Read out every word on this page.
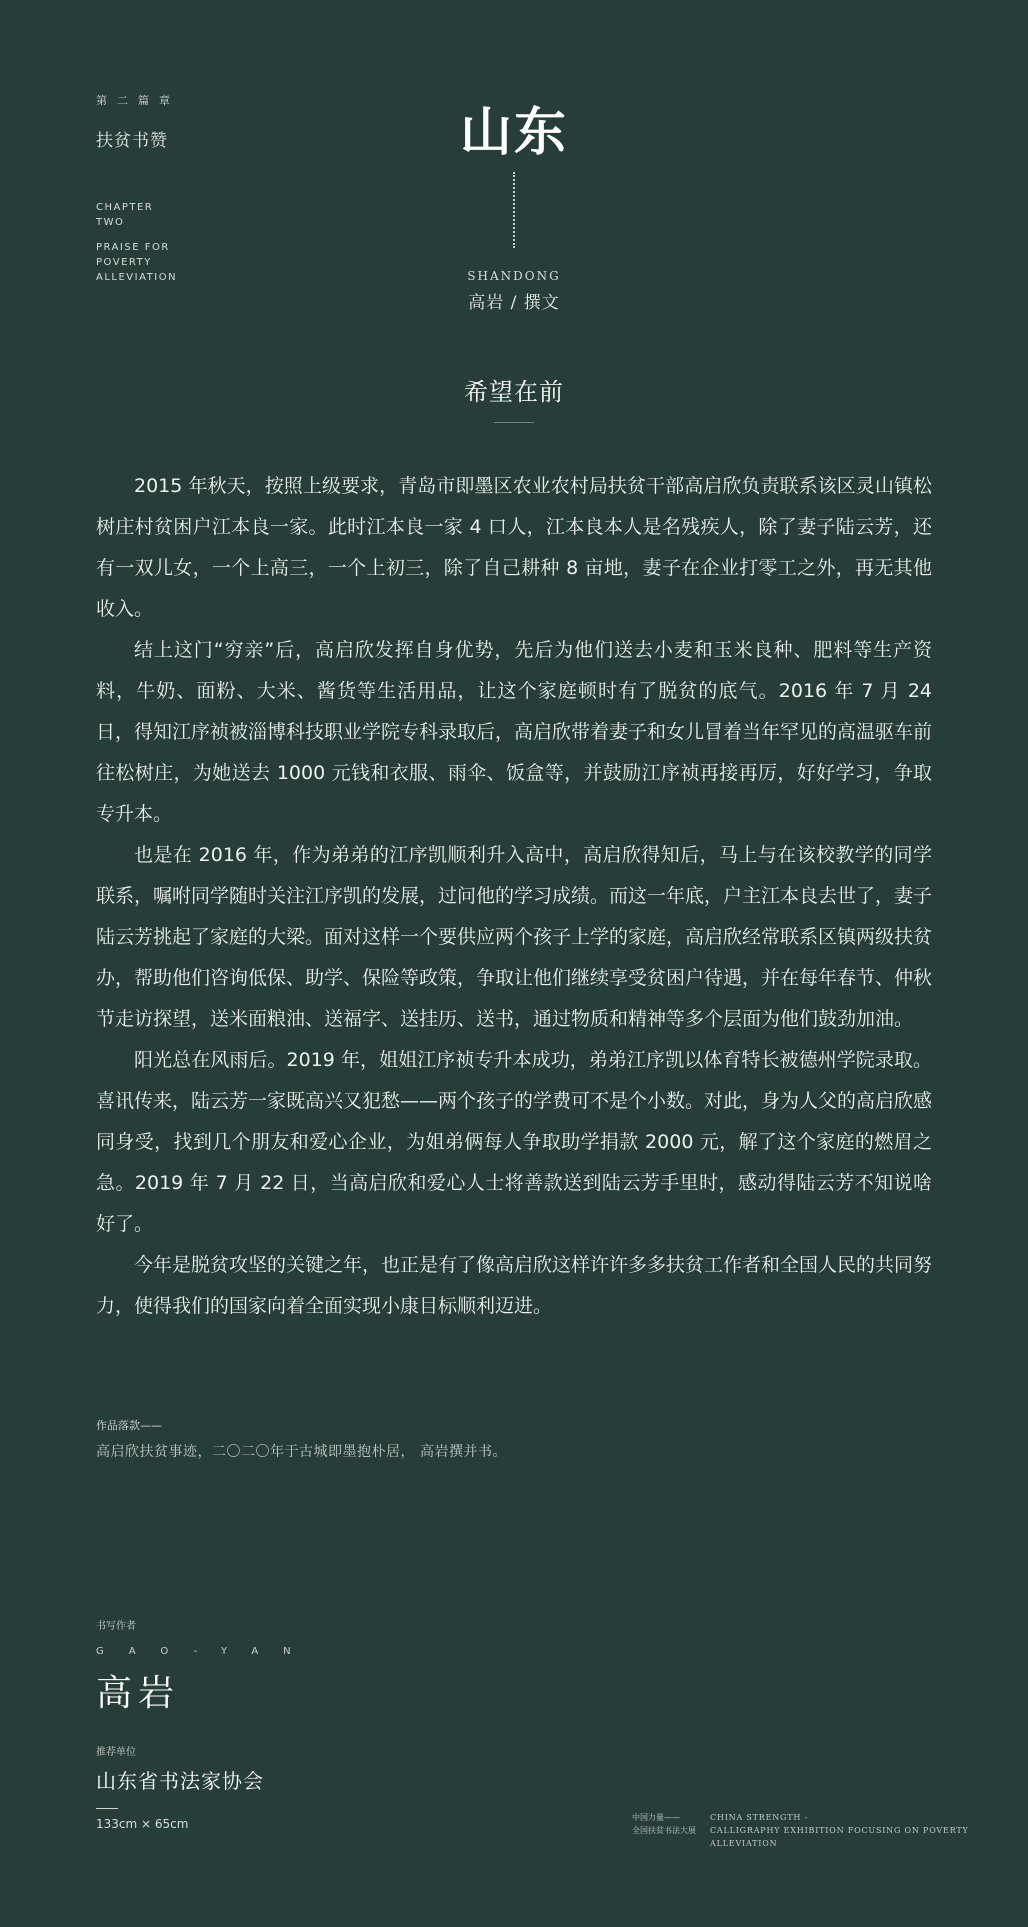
第二篇章
扶贫书赞
CHAPTER
TWO
PRAISE FOR
POVERTY
ALLEVIATION
山东
SHANDONG
高岩 / 撰文
希望在前

2015 年秋天，按照上级要求，青岛市即墨区农业农村局扶贫干部高启欣负责联系该区灵山镇松树庄村贫困户江本良一家。此时江本良一家 4 口人，江本良本人是名残疾人，除了妻子陆云芳，还有一双儿女，一个上高三，一个上初三，除了自己耕种 8 亩地，妻子在企业打零工之外，再无其他收入。

结上这门“穷亲”后，高启欣发挥自身优势，先后为他们送去小麦和玉米良种、肥料等生产资料，牛奶、面粉、大米、酱货等生活用品，让这个家庭顿时有了脱贫的底气。2016 年 7 月 24 日，得知江序祯被淄博科技职业学院专科录取后，高启欣带着妻子和女儿冒着当年罕见的高温驱车前往松树庄，为她送去 1000 元钱和衣服、雨伞、饭盒等，并鼓励江序祯再接再厉，好好学习，争取专升本。

也是在 2016 年，作为弟弟的江序凯顺利升入高中，高启欣得知后，马上与在该校教学的同学联系，嘱咐同学随时关注江序凯的发展，过问他的学习成绩。而这一年底，户主江本良去世了，妻子陆云芳挑起了家庭的大梁。面对这样一个要供应两个孩子上学的家庭，高启欣经常联系区镇两级扶贫办，帮助他们咨询低保、助学、保险等政策，争取让他们继续享受贫困户待遇，并在每年春节、仲秋节走访探望，送米面粮油、送福字、送挂历、送书，通过物质和精神等多个层面为他们鼓劲加油。

阳光总在风雨后。2019 年，姐姐江序祯专升本成功，弟弟江序凯以体育特长被德州学院录取。喜讯传来，陆云芳一家既高兴又犯愁——两个孩子的学费可不是个小数。对此，身为人父的高启欣感同身受，找到几个朋友和爱心企业，为姐弟俩每人争取助学捐款 2000 元，解了这个家庭的燃眉之急。2019 年 7 月 22 日，当高启欣和爱心人士将善款送到陆云芳手里时，感动得陆云芳不知说啥好了。

今年是脱贫攻坚的关键之年，也正是有了像高启欣这样许许多多扶贫工作者和全国人民的共同努力，使得我们的国家向着全面实现小康目标顺利迈进。

作品落款——
高启欣扶贫事迹，二〇二〇年于古城即墨抱朴居， 高岩撰并书。
书写作者
GAO-YAN
高岩
推荐单位
山东省书法家协会
133cm × 65cm	中国力量——
全国扶贫书法大展
CHINA STRENGTH -
CALLIGRAPHY EXHIBITION FOCUSING ON POVERTY ALLEVIATION
